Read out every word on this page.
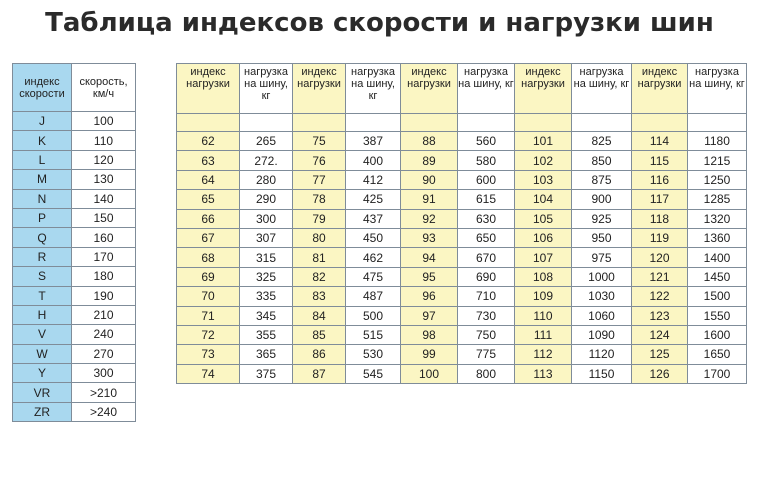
Таблица индексов скорости и нагрузки шин
индекс скорости	скорость, км/ч
J	100
K	110
L	120
M	130
N	140
P	150
Q	160
R	170
S	180
T	190
H	210
V	240
W	270
Y	300
VR	>210
ZR	>240
индекс нагрузки	нагрузка на шину, кг	индекс нагрузки	нагрузка на шину, кг	индекс нагрузки	нагрузка на шину, кг	индекс нагрузки	нагрузка на шину, кг	индекс нагрузки	нагрузка на шину, кг

62	265	75	387	88	560	101	825	114	1180
63	272.	76	400	89	580	102	850	115	1215
64	280	77	412	90	600	103	875	116	1250
65	290	78	425	91	615	104	900	117	1285
66	300	79	437	92	630	105	925	118	1320
67	307	80	450	93	650	106	950	119	1360
68	315	81	462	94	670	107	975	120	1400
69	325	82	475	95	690	108	1000	121	1450
70	335	83	487	96	710	109	1030	122	1500
71	345	84	500	97	730	110	1060	123	1550
72	355	85	515	98	750	111	1090	124	1600
73	365	86	530	99	775	112	1120	125	1650
74	375	87	545	100	800	113	1150	126	1700
